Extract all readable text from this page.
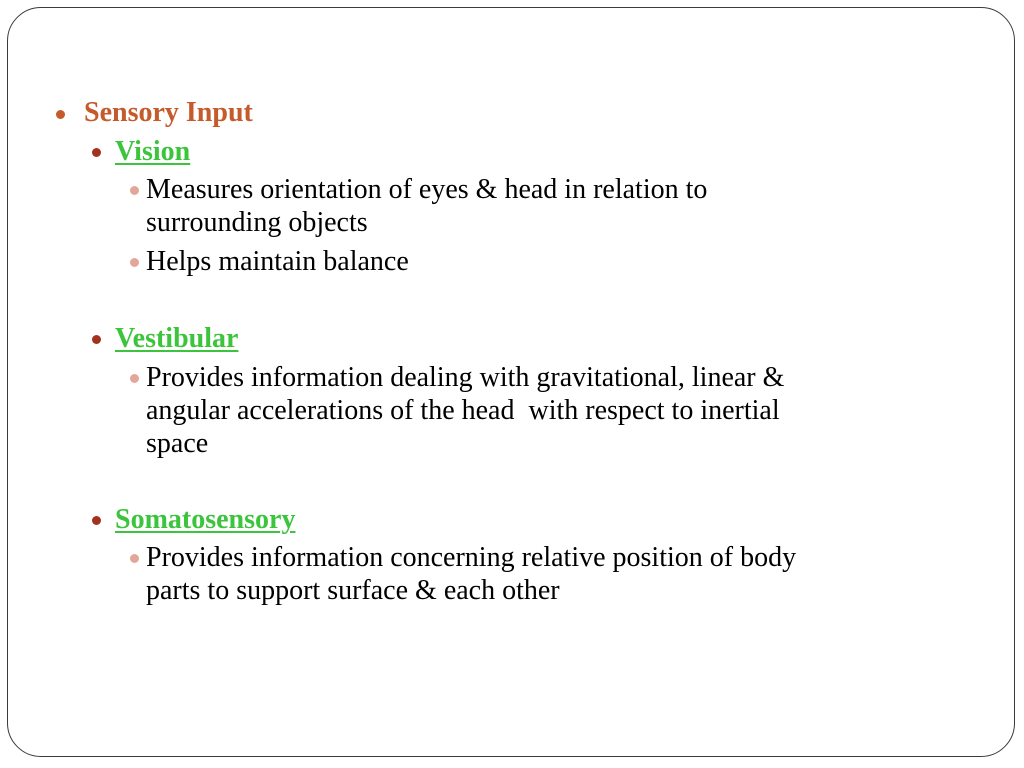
Sensory Input
Vision
Measures orientation of eyes & head in relation to
surrounding objects
Helps maintain balance
Vestibular
Provides information dealing with gravitational, linear &
angular accelerations of the head  with respect to inertial
space
Somatosensory
Provides information concerning relative position of body
parts to support surface & each other
